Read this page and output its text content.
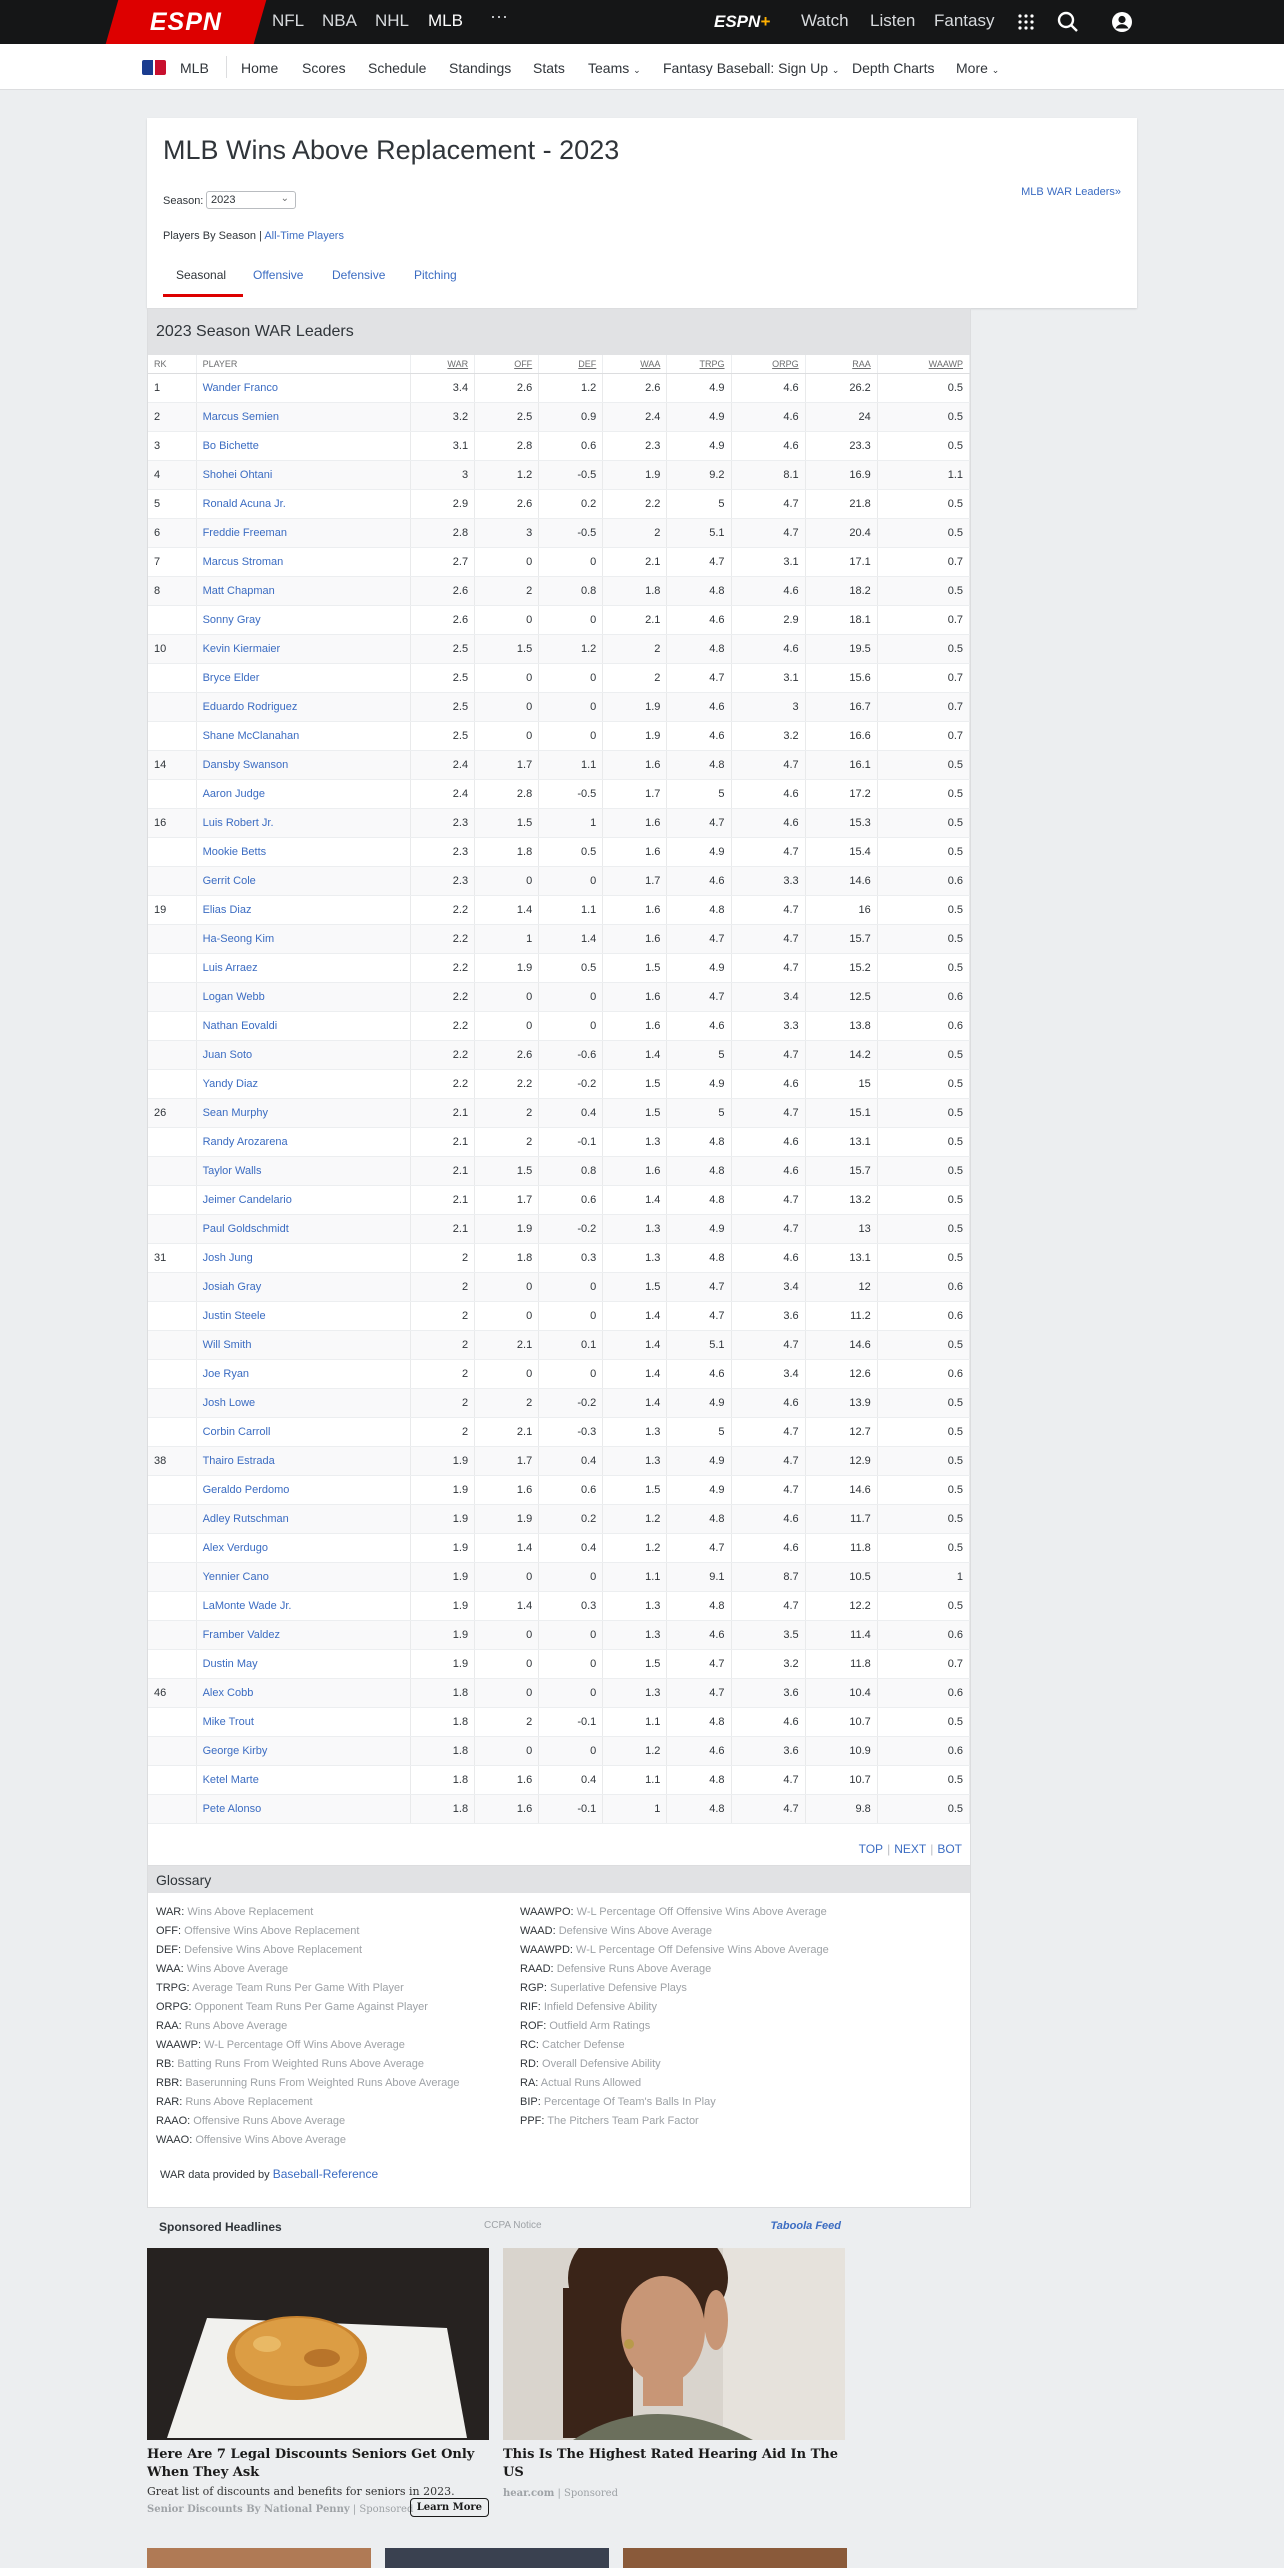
ESPN	NFL NBA NHL MLB ···	ESPN+ Watch Listen Fantasy
MLB Home Scores Schedule Standings Stats Teams ⌄ Fantasy Baseball: Sign Up ⌄ Depth Charts More ⌄
MLB Wins Above Replacement - 2023
Season: 2023	⌄
MLB WAR Leaders»
Players By Season | All-Time Players
Seasonal Offensive Defensive Pitching
2023 Season WAR Leaders
RK	PLAYER	WAR	OFF	DEF	WAA	TRPG	ORPG	RAA	WAAWP
1	Wander Franco	3.4	2.6	1.2	2.6	4.9	4.6	26.2	0.5
2	Marcus Semien	3.2	2.5	0.9	2.4	4.9	4.6	24	0.5
3	Bo Bichette	3.1	2.8	0.6	2.3	4.9	4.6	23.3	0.5
4	Shohei Ohtani	3	1.2	-0.5	1.9	9.2	8.1	16.9	1.1
5	Ronald Acuna Jr.	2.9	2.6	0.2	2.2	5	4.7	21.8	0.5
6	Freddie Freeman	2.8	3	-0.5	2	5.1	4.7	20.4	0.5
7	Marcus Stroman	2.7	0	0	2.1	4.7	3.1	17.1	0.7
8	Matt Chapman	2.6	2	0.8	1.8	4.8	4.6	18.2	0.5
	Sonny Gray	2.6	0	0	2.1	4.6	2.9	18.1	0.7
10	Kevin Kiermaier	2.5	1.5	1.2	2	4.8	4.6	19.5	0.5
	Bryce Elder	2.5	0	0	2	4.7	3.1	15.6	0.7
	Eduardo Rodriguez	2.5	0	0	1.9	4.6	3	16.7	0.7
	Shane McClanahan	2.5	0	0	1.9	4.6	3.2	16.6	0.7
14	Dansby Swanson	2.4	1.7	1.1	1.6	4.8	4.7	16.1	0.5
	Aaron Judge	2.4	2.8	-0.5	1.7	5	4.6	17.2	0.5
16	Luis Robert Jr.	2.3	1.5	1	1.6	4.7	4.6	15.3	0.5
	Mookie Betts	2.3	1.8	0.5	1.6	4.9	4.7	15.4	0.5
	Gerrit Cole	2.3	0	0	1.7	4.6	3.3	14.6	0.6
19	Elias Diaz	2.2	1.4	1.1	1.6	4.8	4.7	16	0.5
	Ha-Seong Kim	2.2	1	1.4	1.6	4.7	4.7	15.7	0.5
	Luis Arraez	2.2	1.9	0.5	1.5	4.9	4.7	15.2	0.5
	Logan Webb	2.2	0	0	1.6	4.7	3.4	12.5	0.6
	Nathan Eovaldi	2.2	0	0	1.6	4.6	3.3	13.8	0.6
	Juan Soto	2.2	2.6	-0.6	1.4	5	4.7	14.2	0.5
	Yandy Diaz	2.2	2.2	-0.2	1.5	4.9	4.6	15	0.5
26	Sean Murphy	2.1	2	0.4	1.5	5	4.7	15.1	0.5
	Randy Arozarena	2.1	2	-0.1	1.3	4.8	4.6	13.1	0.5
	Taylor Walls	2.1	1.5	0.8	1.6	4.8	4.6	15.7	0.5
	Jeimer Candelario	2.1	1.7	0.6	1.4	4.8	4.7	13.2	0.5
	Paul Goldschmidt	2.1	1.9	-0.2	1.3	4.9	4.7	13	0.5
31	Josh Jung	2	1.8	0.3	1.3	4.8	4.6	13.1	0.5
	Josiah Gray	2	0	0	1.5	4.7	3.4	12	0.6
	Justin Steele	2	0	0	1.4	4.7	3.6	11.2	0.6
	Will Smith	2	2.1	0.1	1.4	5.1	4.7	14.6	0.5
	Joe Ryan	2	0	0	1.4	4.6	3.4	12.6	0.6
	Josh Lowe	2	2	-0.2	1.4	4.9	4.6	13.9	0.5
	Corbin Carroll	2	2.1	-0.3	1.3	5	4.7	12.7	0.5
38	Thairo Estrada	1.9	1.7	0.4	1.3	4.9	4.7	12.9	0.5
	Geraldo Perdomo	1.9	1.6	0.6	1.5	4.9	4.7	14.6	0.5
	Adley Rutschman	1.9	1.9	0.2	1.2	4.8	4.6	11.7	0.5
	Alex Verdugo	1.9	1.4	0.4	1.2	4.7	4.6	11.8	0.5
	Yennier Cano	1.9	0	0	1.1	9.1	8.7	10.5	1
	LaMonte Wade Jr.	1.9	1.4	0.3	1.3	4.8	4.7	12.2	0.5
	Framber Valdez	1.9	0	0	1.3	4.6	3.5	11.4	0.6
	Dustin May	1.9	0	0	1.5	4.7	3.2	11.8	0.7
46	Alex Cobb	1.8	0	0	1.3	4.7	3.6	10.4	0.6
	Mike Trout	1.8	2	-0.1	1.1	4.8	4.6	10.7	0.5
	George Kirby	1.8	0	0	1.2	4.6	3.6	10.9	0.6
	Ketel Marte	1.8	1.6	0.4	1.1	4.8	4.7	10.7	0.5
	Pete Alonso	1.8	1.6	-0.1	1	4.8	4.7	9.8	0.5
TOP | NEXT | BOT
Glossary
WAR: Wins Above Replacement
OFF: Offensive Wins Above Replacement
DEF: Defensive Wins Above Replacement
WAA: Wins Above Average
TRPG: Average Team Runs Per Game With Player
ORPG: Opponent Team Runs Per Game Against Player
RAA: Runs Above Average
WAAWP: W-L Percentage Off Wins Above Average
RB: Batting Runs From Weighted Runs Above Average
RBR: Baserunning Runs From Weighted Runs Above Average
RAR: Runs Above Replacement
RAAO: Offensive Runs Above Average
WAAO: Offensive Wins Above Average
WAAWPO: W-L Percentage Off Offensive Wins Above Average
WAAD: Defensive Wins Above Average
WAAWPD: W-L Percentage Off Defensive Wins Above Average
RAAD: Defensive Runs Above Average
RGP: Superlative Defensive Plays
RIF: Infield Defensive Ability
ROF: Outfield Arm Ratings
RC: Catcher Defense
RD: Overall Defensive Ability
RA: Actual Runs Allowed
BIP: Percentage Of Team's Balls In Play
PPF: The Pitchers Team Park Factor
WAR data provided by Baseball-Reference
Sponsored Headlines	CCPA Notice	Taboola Feed
Here Are 7 Legal Discounts Seniors Get Only When They Ask
Great list of discounts and benefits for seniors in 2023.
Senior Discounts By National Penny | Sponsored Learn More
This Is The Highest Rated Hearing Aid In The US
hear.com | Sponsored
